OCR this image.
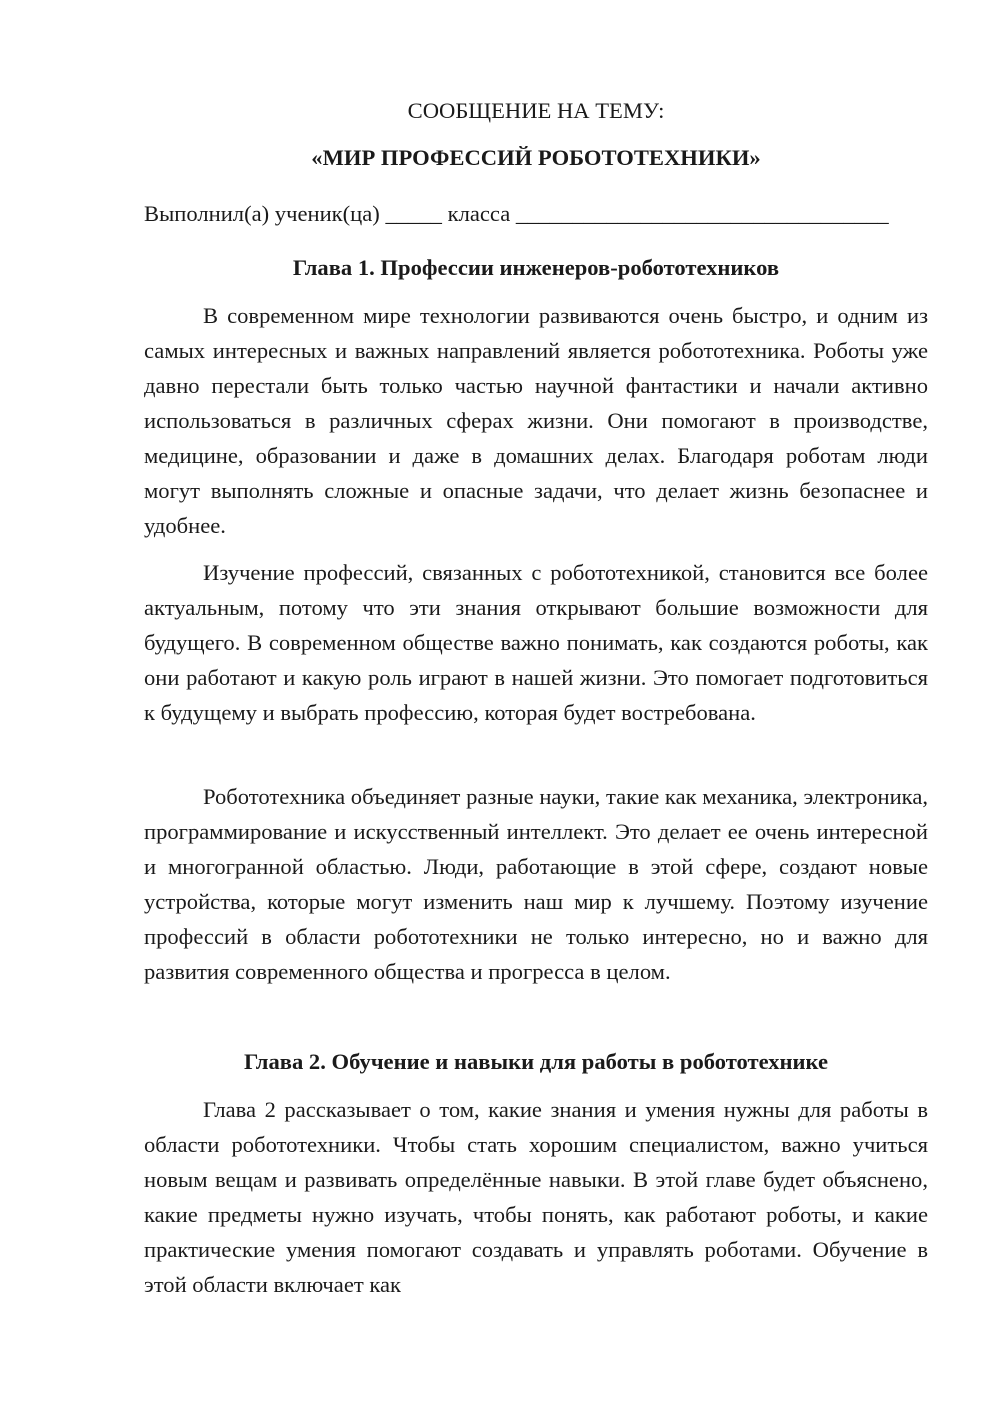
СООБЩЕНИЕ НА ТЕМУ:
«МИР ПРОФЕССИЙ РОБОТОТЕХНИКИ»
Выполнил(а) ученик(ца) _____ класса _________________________________
Глава 1. Профессии инженеров-робототехников

В современном мире технологии развиваются очень быстро, и одним из самых интересных и важных направлений является робототехника. Роботы уже давно перестали быть только частью научной фантастики и начали активно использоваться в различных сферах жизни. Они помогают в производстве, медицине, образовании и даже в домашних делах. Благодаря роботам люди могут выполнять сложные и опасные задачи, что делает жизнь безопаснее и удобнее.

Изучение профессий, связанных с робототехникой, становится все более актуальным, потому что эти знания открывают большие возможности для будущего. В современном обществе важно понимать, как создаются роботы, как они работают и какую роль играют в нашей жизни. Это помогает подготовиться к будущему и выбрать профессию, которая будет востребована.

Робототехника объединяет разные науки, такие как механика, электроника, программирование и искусственный интеллект. Это делает ее очень интересной и многогранной областью. Люди, работающие в этой сфере, создают новые устройства, которые могут изменить наш мир к лучшему. Поэтому изучение профессий в области робототехники не только интересно, но и важно для развития современного общества и прогресса в целом.

Глава 2. Обучение и навыки для работы в робототехнике

Глава 2 рассказывает о том, какие знания и умения нужны для работы в области робототехники. Чтобы стать хорошим специалистом, важно учиться новым вещам и развивать определённые навыки. В этой главе будет объяснено, какие предметы нужно изучать, чтобы понять, как работают роботы, и какие практические умения помогают создавать и управлять роботами. Обучение в этой области включает как
